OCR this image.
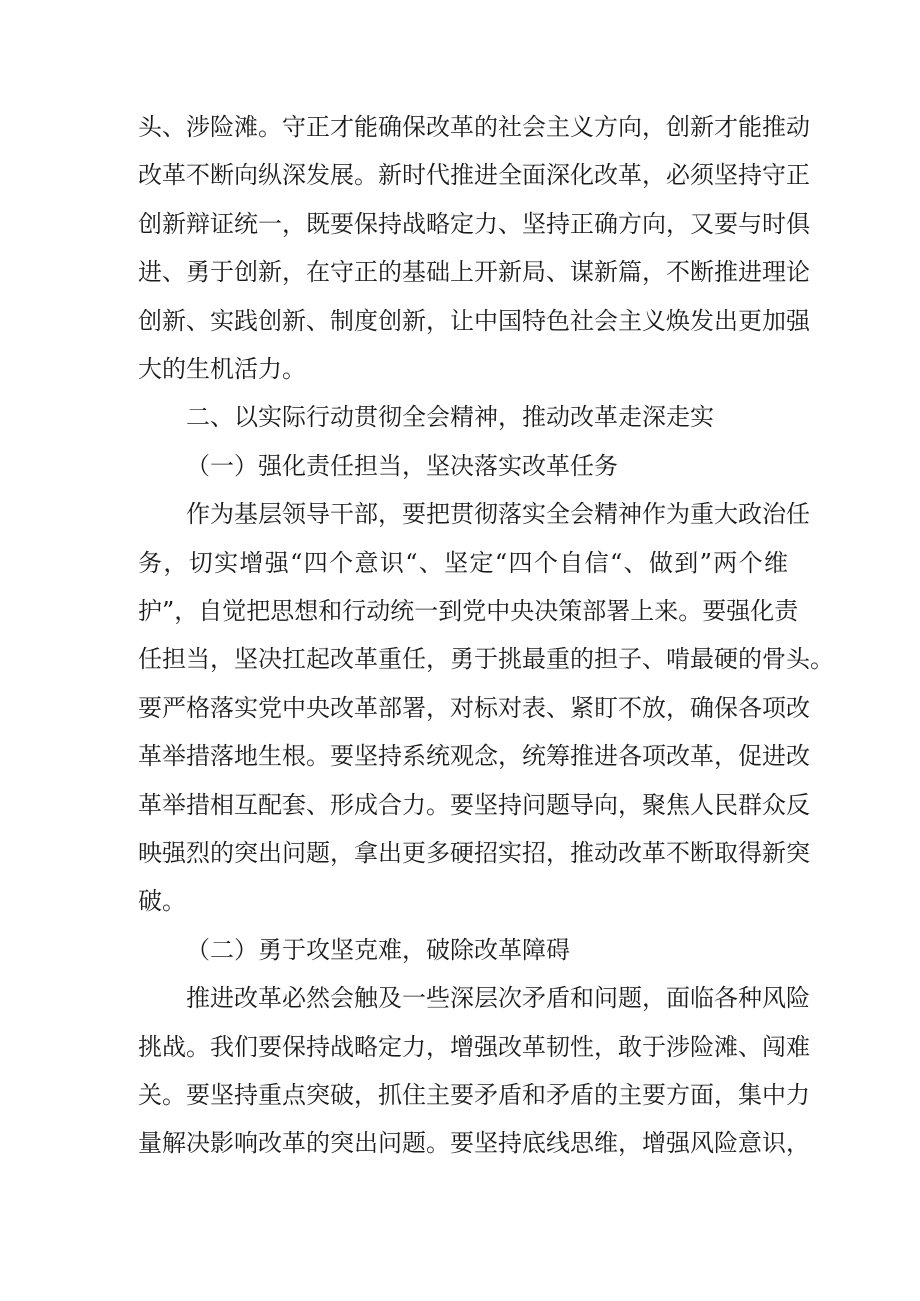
头、涉险滩。守正才能确保改革的社会主义方向，创新才能推动
改革不断向纵深发展。新时代推进全面深化改革，必须坚持守正
创新辩证统一，既要保持战略定力、坚持正确方向，又要与时俱
进、勇于创新，在守正的基础上开新局、谋新篇，不断推进理论
创新、实践创新、制度创新，让中国特色社会主义焕发出更加强
大的生机活力。
二、以实际行动贯彻全会精神，推动改革走深走实
（一）强化责任担当，坚决落实改革任务
作为基层领导干部，要把贯彻落实全会精神作为重大政治任
务，切实增强“四个意识“、坚定“四个自信“、做到”两个维
护”，自觉把思想和行动统一到党中央决策部署上来。要强化责
任担当，坚决扛起改革重任，勇于挑最重的担子、啃最硬的骨头。
要严格落实党中央改革部署，对标对表、紧盯不放，确保各项改
革举措落地生根。要坚持系统观念，统筹推进各项改革，促进改
革举措相互配套、形成合力。要坚持问题导向，聚焦人民群众反
映强烈的突出问题，拿出更多硬招实招，推动改革不断取得新突
破。
（二）勇于攻坚克难，破除改革障碍
推进改革必然会触及一些深层次矛盾和问题，面临各种风险
挑战。我们要保持战略定力，增强改革韧性，敢于涉险滩、闯难
关。要坚持重点突破，抓住主要矛盾和矛盾的主要方面，集中力
量解决影响改革的突出问题。要坚持底线思维，增强风险意识，
